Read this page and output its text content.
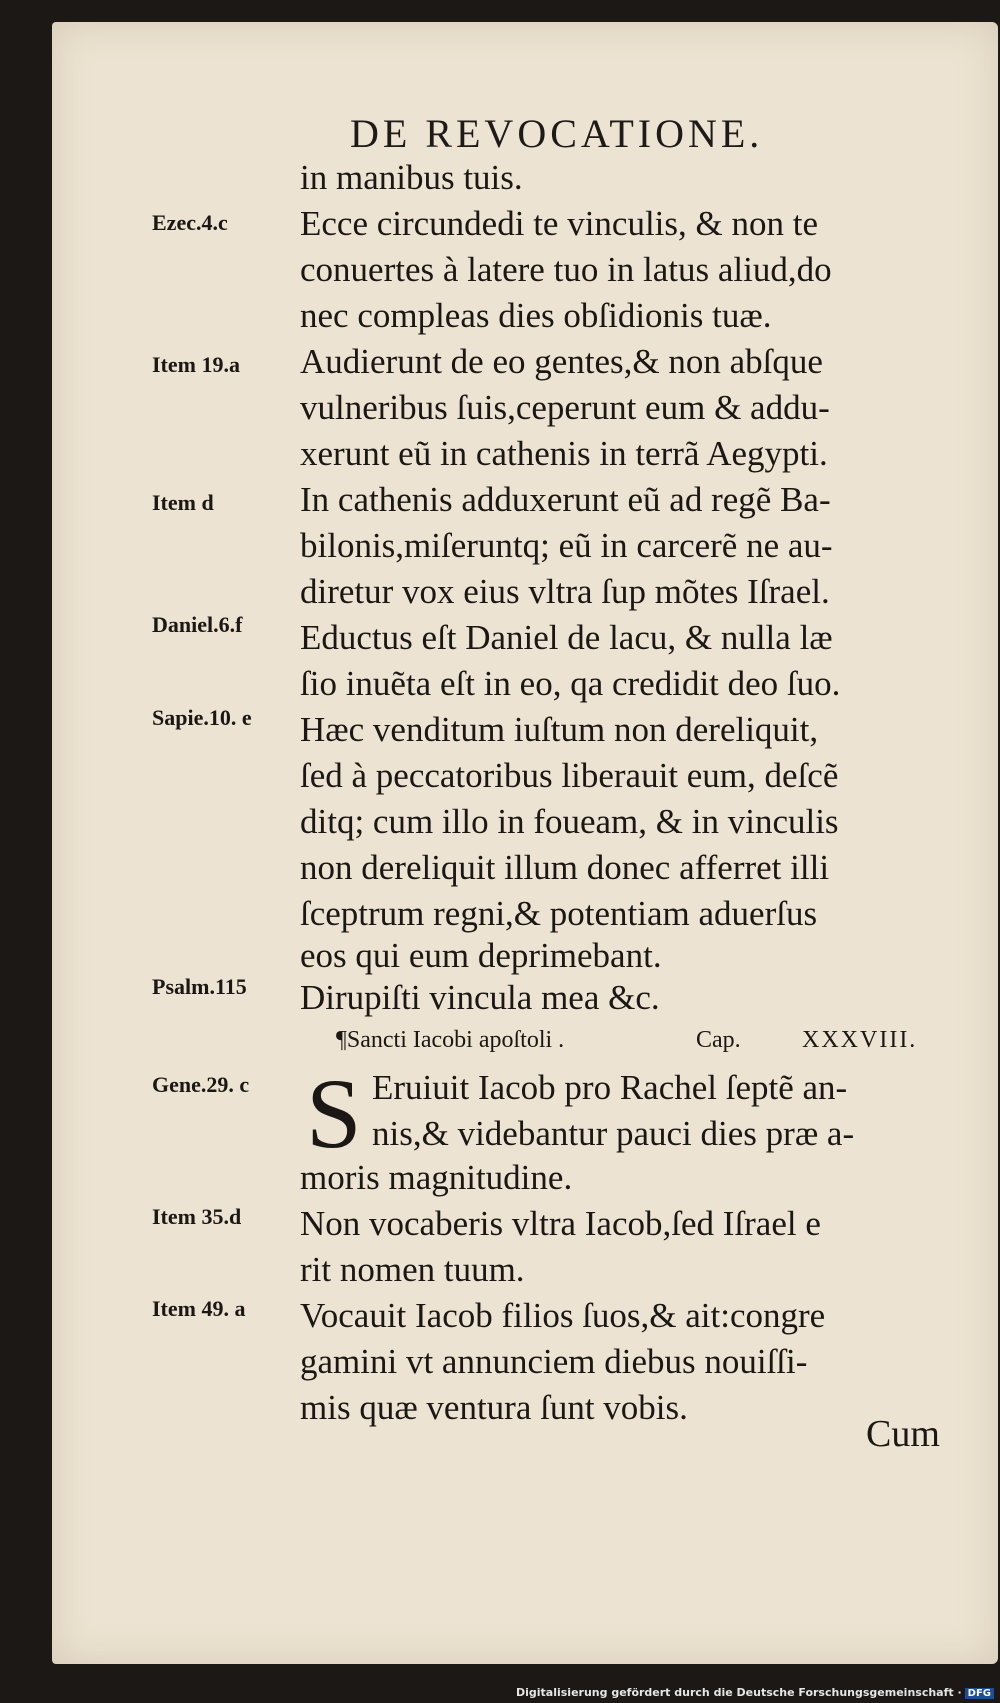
DE REVOCATIONE.
Ezec.4.c
Item 19.a
Item d
Daniel.6.f
Sapie.10. e
Psalm.115
Gene.29. c
Item 35.d
Item 49. a
in manibus tuis.
Ecce circundedi te vinculis, & non te
conuertes à latere tuo in latus aliud,do
nec compleas dies obſidionis tuæ.
Audierunt de eo gentes,& non abſque
vulneribus ſuis,ceperunt eum & addu‑
xerunt eũ in cathenis in terrã Aegypti.
In cathenis adduxerunt eũ ad regẽ Ba‑
bilonis,miſeruntq; eũ in carcerẽ ne au‑
diretur vox eius vltra ſup mõtes Iſrael.
Eductus eſt Daniel de lacu, & nulla læ
ſio inuẽta eſt in eo, qa credidit deo ſuo.
Hæc venditum iuſtum non dereliquit,
ſed à peccatoribus liberauit eum, deſcẽ
ditq; cum illo in foueam, & in vinculis
non dereliquit illum donec afferret illi
ſceptrum regni,& potentiam aduerſus
eos qui eum deprimebant.
Dirupiſti vincula mea &c.
¶Sancti Iacobi apoſtoli .	Cap.	XXXVIII.
S Eruiuit Iacob pro Rachel ſeptẽ an‑
nis,& videbantur pauci dies præ a‑
moris magnitudine.
Non vocaberis vltra Iacob,ſed Iſrael e
rit nomen tuum.
Vocauit Iacob filios ſuos,& ait:congre
gamini vt annunciem diebus nouiſſi‑
mis quæ ventura ſunt vobis.
Cum
Digitalisierung gefördert durch die Deutsche Forschungsgemeinschaft · DFG
